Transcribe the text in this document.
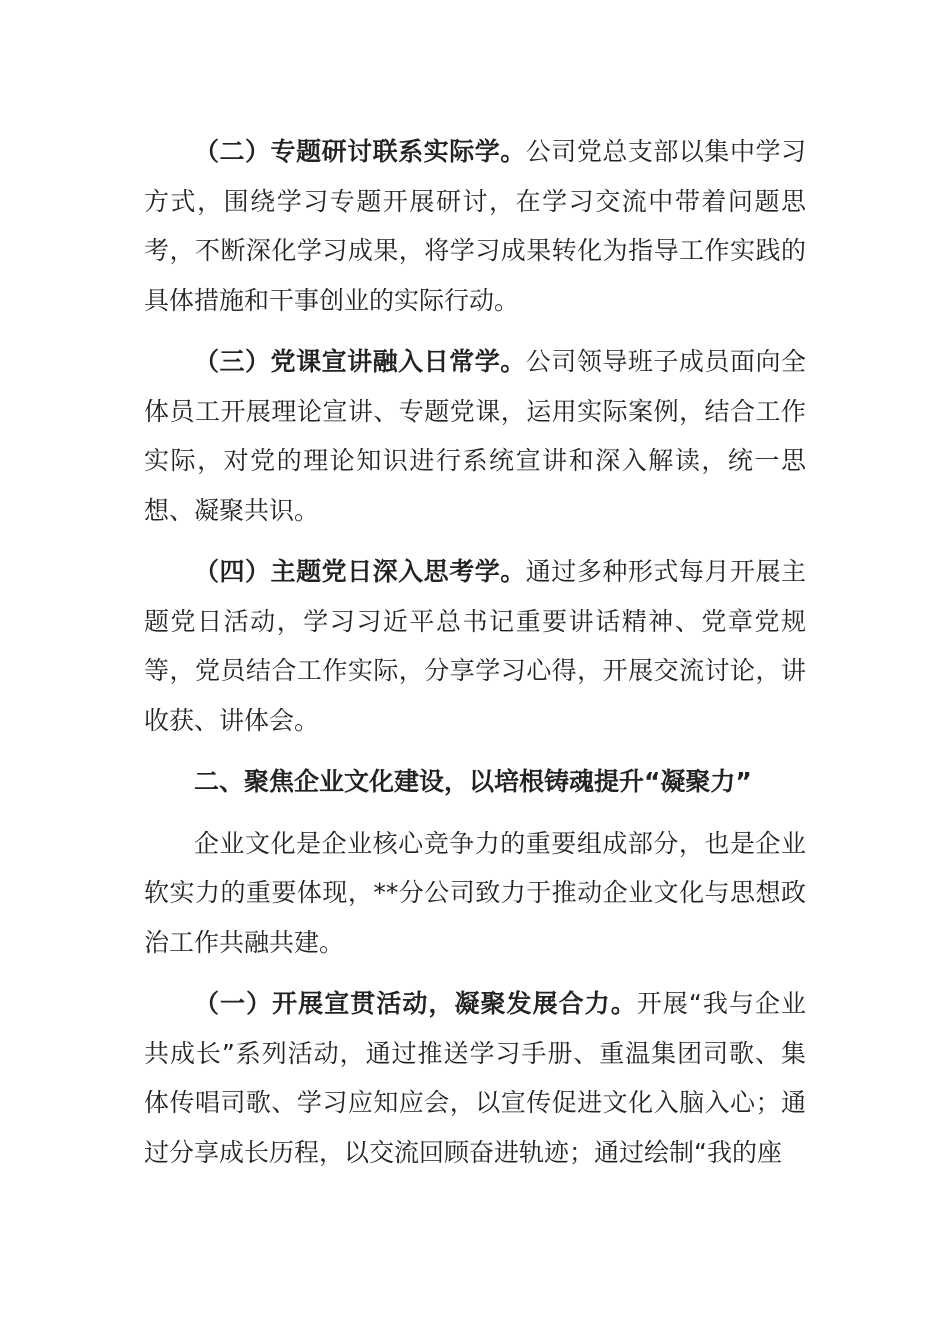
（二）专题研讨联系实际学。公司党总支部以集中学习方式，围绕学习专题开展研讨，在学习交流中带着问题思考，不断深化学习成果，将学习成果转化为指导工作实践的具体措施和干事创业的实际行动。

（三）党课宣讲融入日常学。公司领导班子成员面向全体员工开展理论宣讲、专题党课，运用实际案例，结合工作实际，对党的理论知识进行系统宣讲和深入解读，统一思想、凝聚共识。

（四）主题党日深入思考学。通过多种形式每月开展主题党日活动，学习习近平总书记重要讲话精神、党章党规等，党员结合工作实际，分享学习心得，开展交流讨论，讲收获、讲体会。

二、聚焦企业文化建设，以培根铸魂提升“凝聚力”

企业文化是企业核心竞争力的重要组成部分，也是企业软实力的重要体现，**分公司致力于推动企业文化与思想政治工作共融共建。

（一）开展宣贯活动，凝聚发展合力。开展“我与企业共成长”系列活动，通过推送学习手册、重温集团司歌、集体传唱司歌、学习应知应会，以宣传促进文化入脑入心；通过分享成长历程，以交流回顾奋进轨迹；通过绘制“我的座
